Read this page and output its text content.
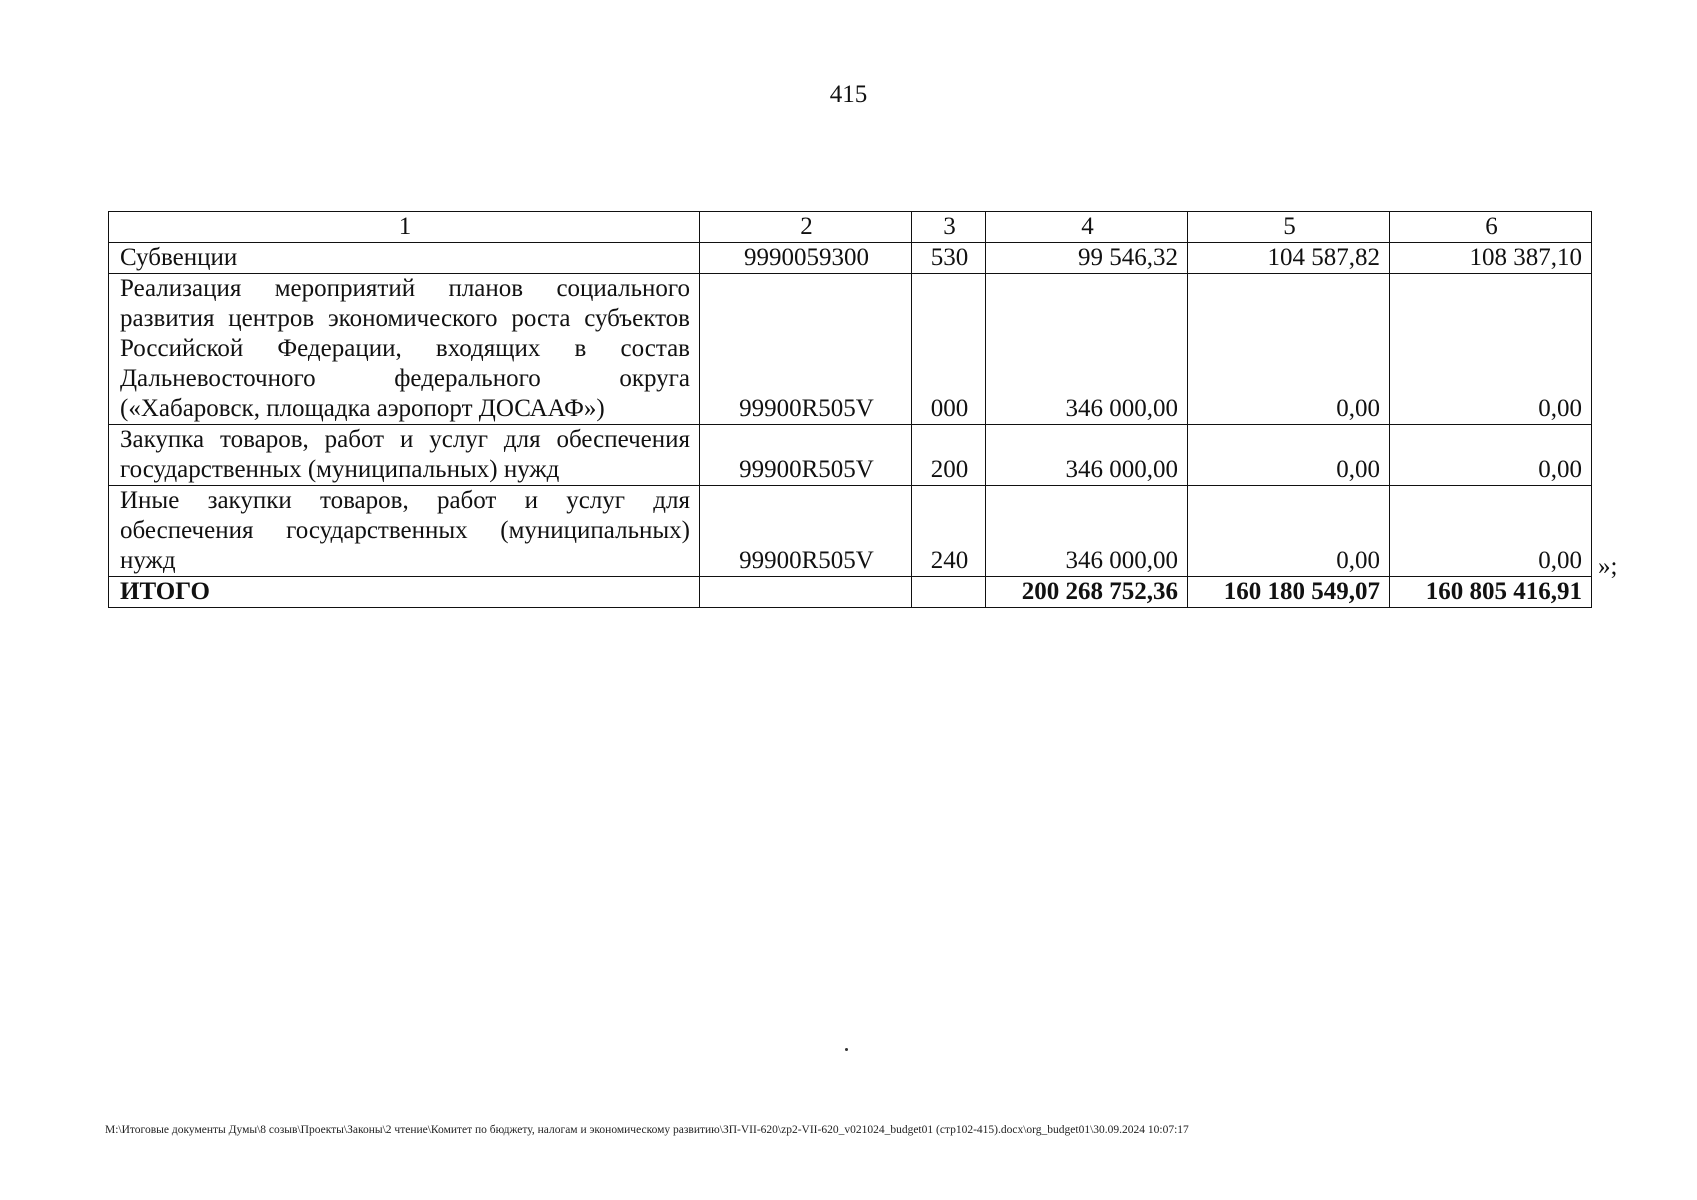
415
1	2	3	4	5	6
Субвенции	9990059300	530	99 546,32	104 587,82	108 387,10
Реализация мероприятий планов социального развития центров экономического роста субъектов Российской Федерации, входящих в состав Дальневосточного федерального округа («Хабаровск, площадка аэропорт ДОСААФ»)	99900R505V	000	346 000,00	0,00	0,00
Закупка товаров, работ и услуг для обеспечения государственных (муниципальных) нужд	99900R505V	200	346 000,00	0,00	0,00
Иные закупки товаров, работ и услуг для обеспечения государственных (муниципальных) нужд	99900R505V	240	346 000,00	0,00	0,00
ИТОГО			200 268 752,36	160 180 549,07	160 805 416,91
»;
M:\Итоговые документы Думы\8 созыв\Проекты\Законы\2 чтение\Комитет по бюджету, налогам и экономическому развитию\ЗП-VII-620\zp2-VII-620_v021024_budget01 (стр102-415).docx\org_budget01\30.09.2024 10:07:17
